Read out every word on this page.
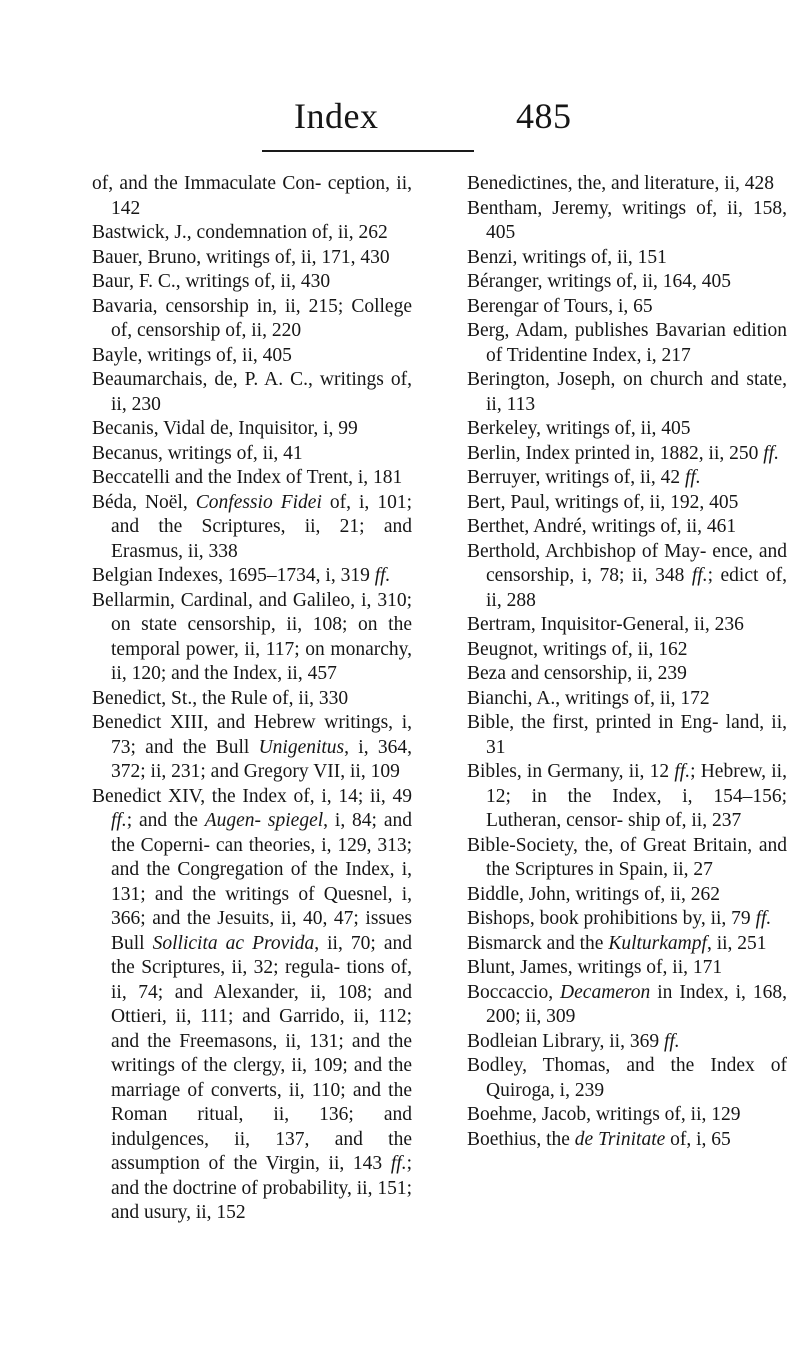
Index	485

of, and the Immaculate Con- ception, ii, 142

Bastwick, J., condemnation of, ii, 262

Bauer, Bruno, writings of, ii, 171, 430

Baur, F. C., writings of, ii, 430

Bavaria, censorship in, ii, 215; College of, censorship of, ii, 220

Bayle, writings of, ii, 405

Beaumarchais, de, P. A. C., writings of, ii, 230

Becanis, Vidal de, Inquisitor, i, 99

Becanus, writings of, ii, 41

Beccatelli and the Index of Trent, i, 181

Béda, Noël, Confessio Fidei of, i, 101; and the Scriptures, ii, 21; and Erasmus, ii, 338

Belgian Indexes, 1695–1734, i, 319 ff.

Bellarmin, Cardinal, and Galileo, i, 310; on state censorship, ii, 108; on the temporal power, ii, 117; on monarchy, ii, 120; and the Index, ii, 457

Benedict, St., the Rule of, ii, 330

Benedict XIII, and Hebrew writings, i, 73; and the Bull Unigenitus, i, 364, 372; ii, 231; and Gregory VII, ii, 109

Benedict XIV, the Index of, i, 14; ii, 49 ff.; and the Augen- spiegel, i, 84; and the Coperni- can theories, i, 129, 313; and the Congregation of the Index, i, 131; and the writings of Quesnel, i, 366; and the Jesuits, ii, 40, 47; issues Bull Sollicita ac Provida, ii, 70; and the Scriptures, ii, 32; regula- tions of, ii, 74; and Alexander, ii, 108; and Ottieri, ii, 111; and Garrido, ii, 112; and the Freemasons, ii, 131; and the writings of the clergy, ii, 109; and the marriage of converts, ii, 110; and the Roman ritual, ii, 136; and indulgences, ii, 137, and the assumption of the Virgin, ii, 143 ff.; and the doctrine of probability, ii, 151; and usury, ii, 152

Benedictines, the, and literature, ii, 428

Bentham, Jeremy, writings of, ii, 158, 405

Benzi, writings of, ii, 151

Béranger, writings of, ii, 164, 405

Berengar of Tours, i, 65

Berg, Adam, publishes Bavarian edition of Tridentine Index, i, 217

Berington, Joseph, on church and state, ii, 113

Berkeley, writings of, ii, 405

Berlin, Index printed in, 1882, ii, 250 ff.

Berruyer, writings of, ii, 42 ff.

Bert, Paul, writings of, ii, 192, 405

Berthet, André, writings of, ii, 461

Berthold, Archbishop of May- ence, and censorship, i, 78; ii, 348 ff.; edict of, ii, 288

Bertram, Inquisitor-General, ii, 236

Beugnot, writings of, ii, 162

Beza and censorship, ii, 239

Bianchi, A., writings of, ii, 172

Bible, the first, printed in Eng- land, ii, 31

Bibles, in Germany, ii, 12 ff.; Hebrew, ii, 12; in the Index, i, 154–156; Lutheran, censor- ship of, ii, 237

Bible-Society, the, of Great Britain, and the Scriptures in Spain, ii, 27

Biddle, John, writings of, ii, 262

Bishops, book prohibitions by, ii, 79 ff.

Bismarck and the Kulturkampf, ii, 251

Blunt, James, writings of, ii, 171

Boccaccio, Decameron in Index, i, 168, 200; ii, 309

Bodleian Library, ii, 369 ff.

Bodley, Thomas, and the Index of Quiroga, i, 239

Boehme, Jacob, writings of, ii, 129

Boethius, the de Trinitate of, i, 65
